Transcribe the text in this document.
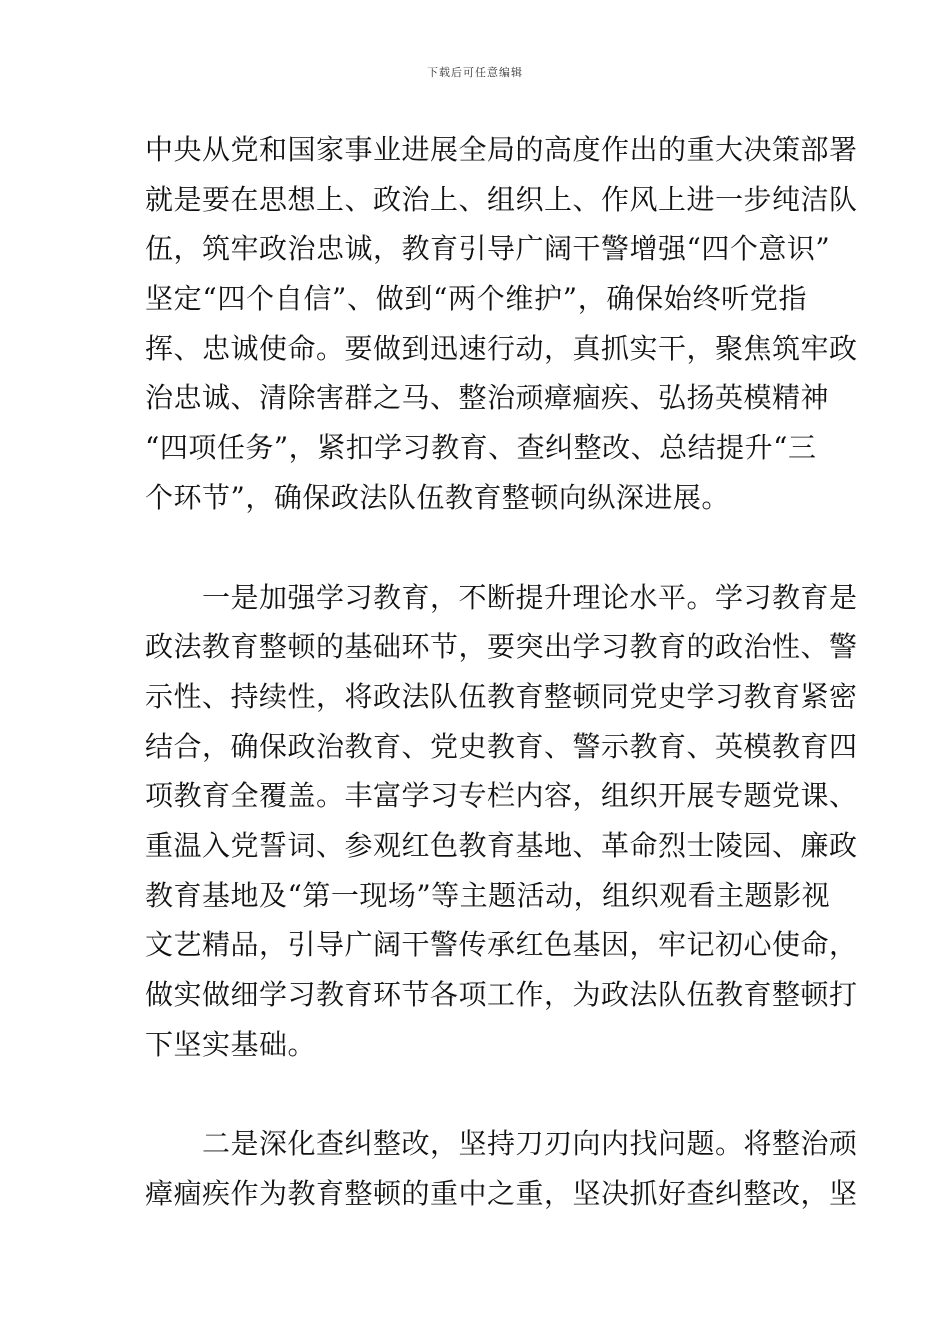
下载后可任意编辑
中央从党和国家事业进展全局的高度作出的重大决策部署
就是要在思想上、政治上、组织上、作风上进一步纯洁队
伍，筑牢政治忠诚，教育引导广阔干警增强“四个意识”
坚定“四个自信”、做到“两个维护”，确保始终听党指
挥、忠诚使命。要做到迅速行动，真抓实干，聚焦筑牢政
治忠诚、清除害群之马、整治顽瘴痼疾、弘扬英模精神
“四项任务”，紧扣学习教育、查纠整改、总结提升“三
个环节”，确保政法队伍教育整顿向纵深进展。
　　一是加强学习教育，不断提升理论水平。学习教育是
政法教育整顿的基础环节，要突出学习教育的政治性、警
示性、持续性，将政法队伍教育整顿同党史学习教育紧密
结合，确保政治教育、党史教育、警示教育、英模教育四
项教育全覆盖。丰富学习专栏内容，组织开展专题党课、
重温入党誓词、参观红色教育基地、革命烈士陵园、廉政
教育基地及“第一现场”等主题活动，组织观看主题影视
文艺精品，引导广阔干警传承红色基因，牢记初心使命，
做实做细学习教育环节各项工作，为政法队伍教育整顿打
下坚实基础。
　　二是深化查纠整改，坚持刀刃向内找问题。将整治顽
瘴痼疾作为教育整顿的重中之重，坚决抓好查纠整改，坚
